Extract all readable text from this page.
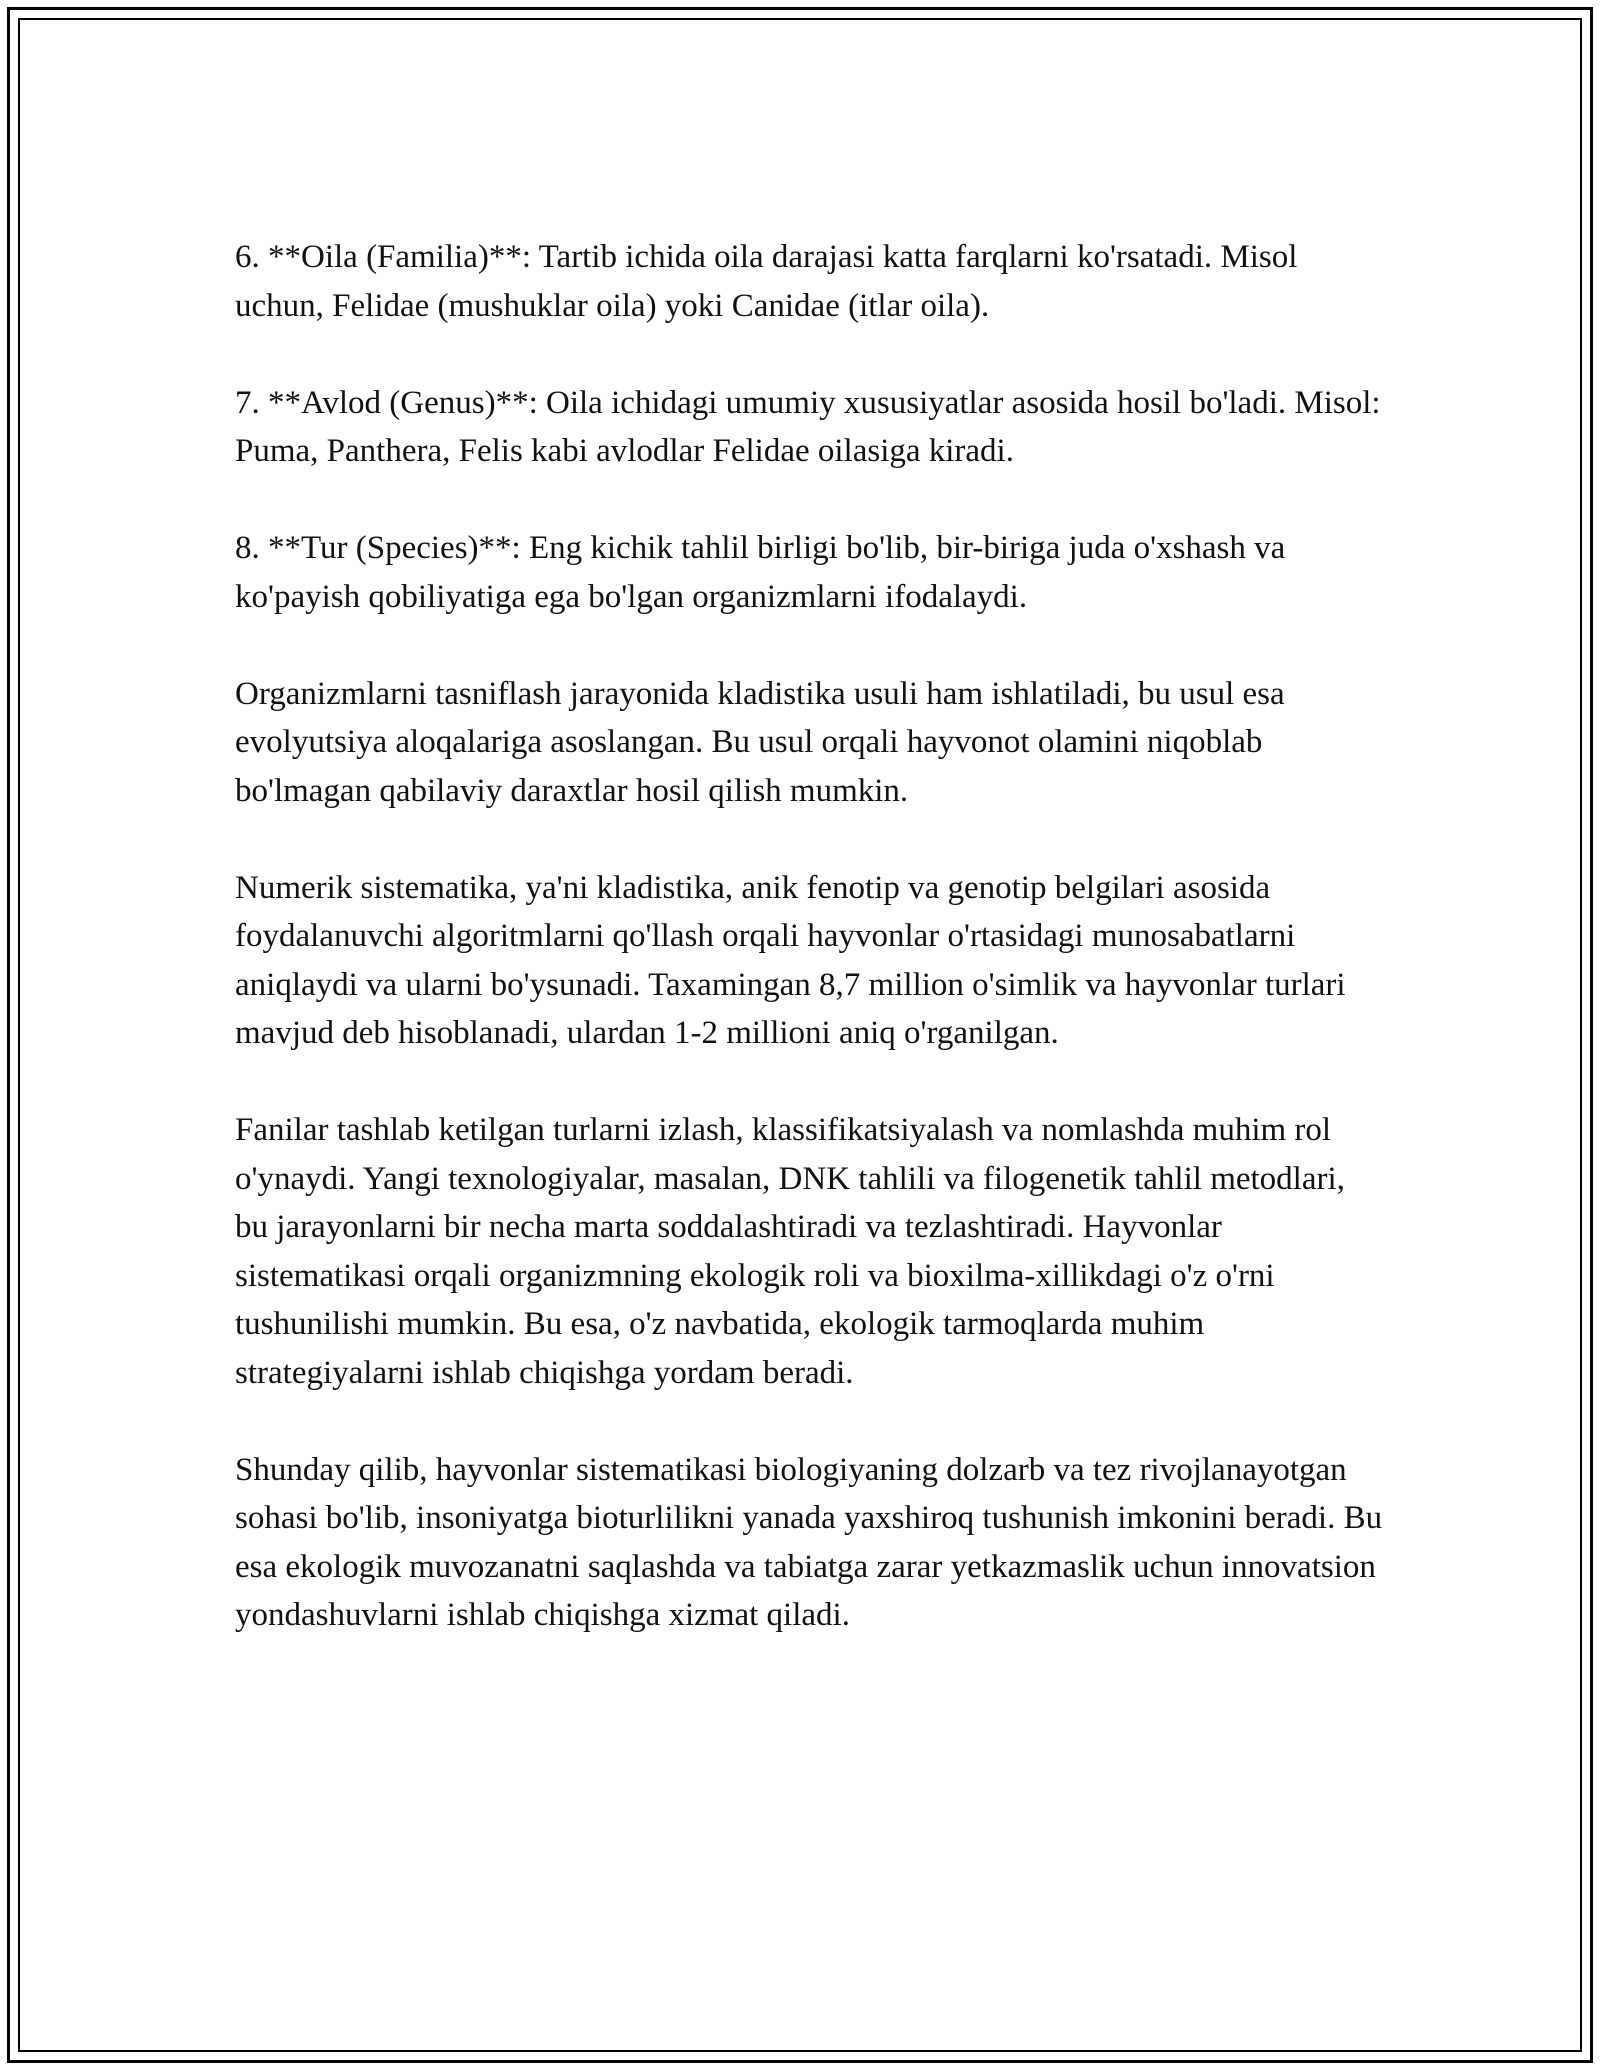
6. **Oila (Familia)**: Tartib ichida oila darajasi katta farqlarni ko'rsatadi. Misol uchun, Felidae (mushuklar oila) yoki Canidae (itlar oila).

7. **Avlod (Genus)**: Oila ichidagi umumiy xususiyatlar asosida hosil bo'ladi. Misol: Puma, Panthera, Felis kabi avlodlar Felidae oilasiga kiradi.

8. **Tur (Species)**: Eng kichik tahlil birligi bo'lib, bir-biriga juda o'xshash va ko'payish qobiliyatiga ega bo'lgan organizmlarni ifodalaydi.

Organizmlarni tasniflash jarayonida kladistika usuli ham ishlatiladi, bu usul esa evolyutsiya aloqalariga asoslangan. Bu usul orqali hayvonot olamini niqoblab bo'lmagan qabilaviy daraxtlar hosil qilish mumkin.

Numerik sistematika, ya'ni kladistika, anik fenotip va genotip belgilari asosida foydalanuvchi algoritmlarni qo'llash orqali hayvonlar o'rtasidagi munosabatlarni aniqlaydi va ularni bo'ysunadi. Taxamingan 8,7 million o'simlik va hayvonlar turlari mavjud deb hisoblanadi, ulardan 1-2 millioni aniq o'rganilgan.

Fanilar tashlab ketilgan turlarni izlash, klassifikatsiyalash va nomlashda muhim rol o'ynaydi. Yangi texnologiyalar, masalan, DNK tahlili va filogenetik tahlil metodlari, bu jarayonlarni bir necha marta soddalashtiradi va tezlashtiradi. Hayvonlar sistematikasi orqali organizmning ekologik roli va bioxilma-xillikdagi o'z o'rni tushunilishi mumkin. Bu esa, o'z navbatida, ekologik tarmoqlarda muhim strategiyalarni ishlab chiqishga yordam beradi.

Shunday qilib, hayvonlar sistematikasi biologiyaning dolzarb va tez rivojlanayotgan sohasi bo'lib, insoniyatga bioturlilikni yanada yaxshiroq tushunish imkonini beradi. Bu esa ekologik muvozanatni saqlashda va tabiatga zarar yetkazmaslik uchun innovatsion yondashuvlarni ishlab chiqishga xizmat qiladi.
